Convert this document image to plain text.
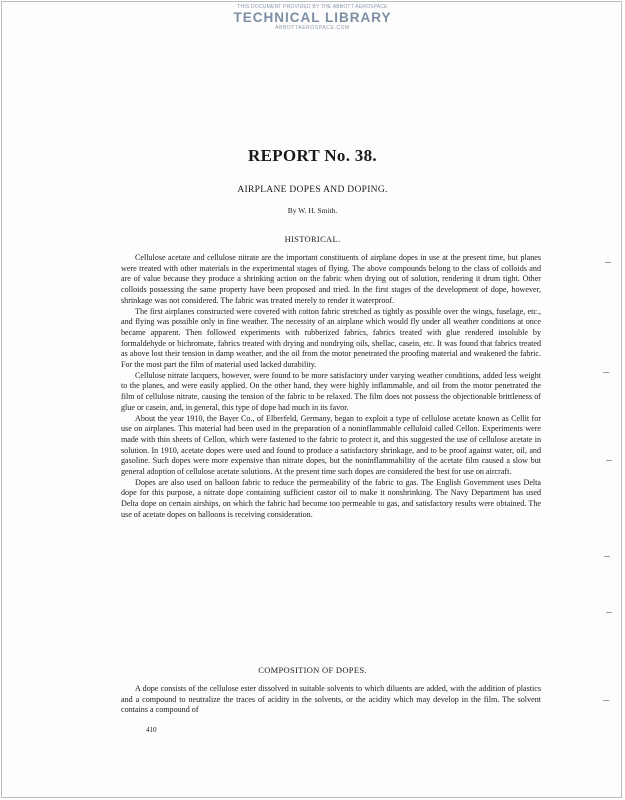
THIS DOCUMENT PROVIDED BY THE ABBOTT AEROSPACE
TECHNICAL LIBRARY
ABBOTTAEROSPACE.COM
REPORT No. 38.
AIRPLANE DOPES AND DOPING.
By W. H. Smith.
HISTORICAL.

Cellulose acetate and cellulose nitrate are the important constituents of airplane dopes in use at the present time, but planes were treated with other materials in the experimental stages of flying. The above compounds belong to the class of colloids and are of value because they produce a shrinking action on the fabric when drying out of solution, rendering it drum tight. Other colloids possessing the same property have been proposed and tried. In the first stages of the development of dope, however, shrinkage was not considered. The fabric was treated merely to render it waterproof.

The first airplanes constructed were covered with cotton fabric stretched as tightly as possible over the wings, fuselage, etc., and flying was possible only in fine weather. The necessity of an airplane which would fly under all weather conditions at once became apparent. Then followed experiments with rubberized fabrics, fabrics treated with glue rendered insoluble by formaldehyde or bichromate, fabrics treated with drying and nondrying oils, shellac, casein, etc. It was found that fabrics treated as above lost their tension in damp weather, and the oil from the motor penetrated the proofing material and weakened the fabric. For the most part the film of material used lacked durability.

Cellulose nitrate lacquers, however, were found to be more satisfactory under varying weather conditions, added less weight to the planes, and were easily applied. On the other hand, they were highly inflammable, and oil from the motor penetrated the film of cellulose nitrate, causing the tension of the fabric to be relaxed. The film does not possess the objectionable brittleness of glue or casein, and, in general, this type of dope had much in its favor.

About the year 1910, the Bayer Co., of Elberfeld, Germany, began to exploit a type of cellulose acetate known as Cellit for use on airplanes. This material had been used in the preparation of a noninflammable celluloid called Cellon. Experiments were made with thin sheets of Cellon, which were fastened to the fabric to protect it, and this suggested the use of cellulose acetate in solution. In 1910, acetate dopes were used and found to produce a satisfactory shrinkage, and to be proof against water, oil, and gasoline. Such dopes were more expensive than nitrate dopes, but the noninflammability of the acetate film caused a slow but general adoption of cellulose acetate solutions. At the present time such dopes are considered the best for use on aircraft.

Dopes are also used on balloon fabric to reduce the permeability of the fabric to gas. The English Government uses Delta dope for this purpose, a nitrate dope containing sufficient castor oil to make it nonshrinking. The Navy Department has used Delta dope on certain airships, on which the fabric had become too permeable to gas, and satisfactory results were obtained. The use of acetate dopes on balloons is receiving consideration.

COMPOSITION OF DOPES.

A dope consists of the cellulose ester dissolved in suitable solvents to which diluents are added, with the addition of plastics and a compound to neutralize the traces of acidity in the solvents, or the acidity which may develop in the film. The solvent contains a compound of

410
